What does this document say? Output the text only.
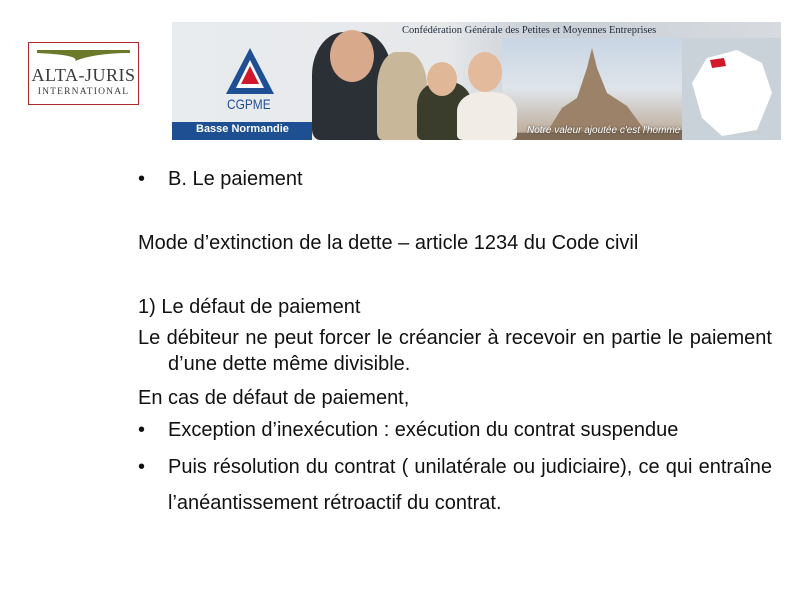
ALTA-JURIS
INTERNATIONAL
Confédération Générale des Petites et Moyennes Entreprises
CGPME
Basse Normandie	Notre valeur ajoutée c'est l'homme
• B. Le paiement
Mode d’extinction de la dette – article 1234 du Code civil
1) Le défaut de paiement
Le débiteur ne peut forcer le créancier à recevoir en partie le paiement d’une dette même divisible.
En cas de défaut de paiement,
• Exception d’inexécution : exécution du contrat suspendue
• Puis résolution du contrat ( unilatérale ou judiciaire), ce qui entraîne l’anéantissement rétroactif du contrat.
